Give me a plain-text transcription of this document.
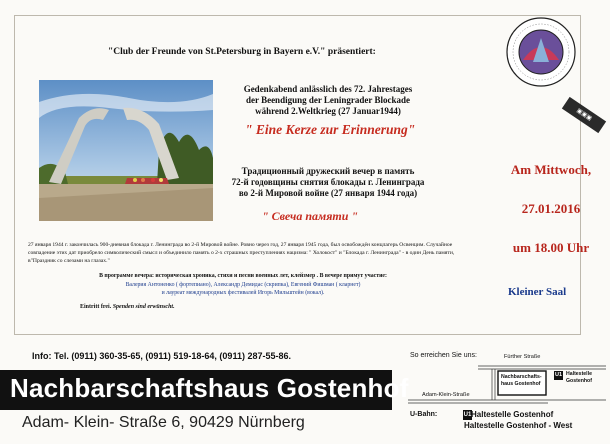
"Club der Freunde von St.Petersburg in Bayern e.V." präsentiert:
▣▣▣
Gedenkabend anlässlich des 72. Jahrestages
der Beendigung der Leningrader Blockade
während 2.Weltkrieg (27 Januar1944)
" Eine Kerze zur Erinnerung"
Традиционный дружеский вечер в память
72-й годовщины снятия блокады г. Ленинграда
во 2-й Мировой войне (27 января 1944 года)
" Свеча памяти "
Am Mittwoch,
27.01.2016
um 18.00 Uhr
Kleiner Saal
27 января 1944 г. закончилась 900-дневная блокада г. Ленинграда во 2-й Мировой войне. Ровно через год, 27 января 1945 года, был освобождён концлагерь Освенцим. Случайное совпадение этих дат приобрело символический смысл и объединило память о 2-х страшных преступлениях нацизма: " Холокост" и "Блокада г. Ленинграда" - в один День памяти, в"Праздник со слезами на глазах."
В программе вечера: историческая хроника, стихи и песни военных лет, клейзмер . В вечере примут участие:
Валерия Антоненко ( фортепиано), Александр Демидас (скрипка), Евгений Фишман ( кларнет)
и лауреат международных фестивалей Игорь Мильштейн (вокал).
Eintritt frei. Spenden sind erwünscht.
Info: Tel. (0911) 360-35-65, (0911) 519-18-64, (0911) 287-55-86.
Nachbarschaftshaus Gostenhof
Adam- Klein- Straße 6, 90429 Nürnberg
So erreichen Sie uns:	Fürther Straße
Nachbarschafts-haus Gostenhof
U1 Haltestelle Gostenhof
Adam-Klein-Straße
U-Bahn:	U1 Haltestelle Gostenhof
Haltestelle Gostenhof - West
